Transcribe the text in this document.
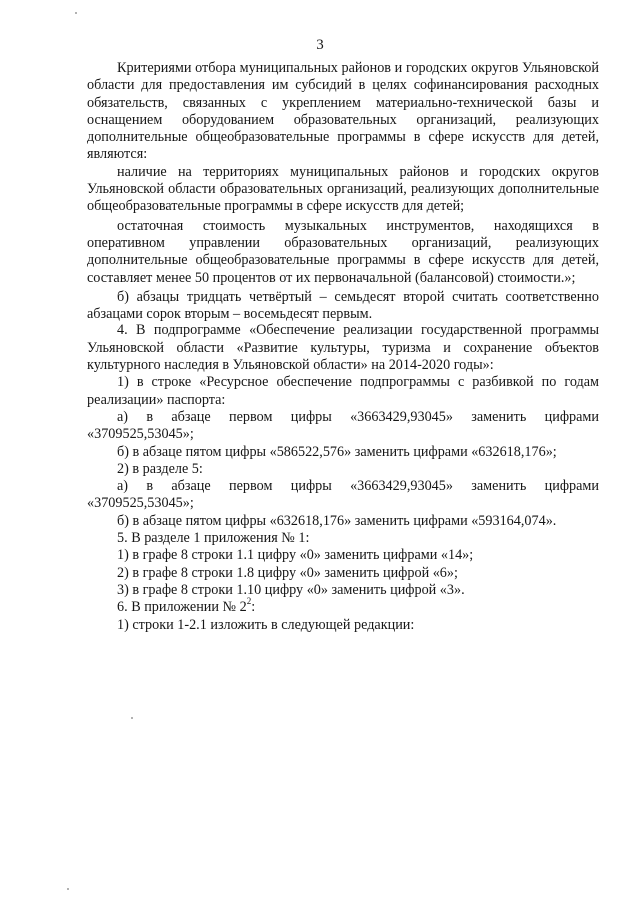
3

Критериями отбора муниципальных районов и городских округов Ульяновской области для предоставления им субсидий в целях софинансирования расходных обязательств, связанных с укреплением материально-технической базы и оснащением оборудованием образовательных организаций, реализующих дополнительные общеобразовательные программы в сфере искусств для детей, являются:

наличие на территориях муниципальных районов и городских округов Ульяновской области образовательных организаций, реализующих дополнительные общеобразовательные программы в сфере искусств для детей;

остаточная стоимость музыкальных инструментов, находящихся в оперативном управлении образовательных организаций, реализующих дополнительные общеобразовательные программы в сфере искусств для детей, составляет менее 50 процентов от их первоначальной (балансовой) стоимости.»;

б) абзацы тридцать четвёртый – семьдесят второй считать соответственно абзацами сорок вторым – восемьдесят первым.

4. В подпрограмме «Обеспечение реализации государственной программы Ульяновской области «Развитие культуры, туризма и сохранение объектов культурного наследия в Ульяновской области» на 2014-2020 годы»:

1) в строке «Ресурсное обеспечение подпрограммы с разбивкой по годам реализации» паспорта:

а) в абзаце первом цифры «3663429,93045» заменить цифрами «3709525,53045»;

б) в абзаце пятом цифры «586522,576» заменить цифрами «632618,176»;

2) в разделе 5:

а) в абзаце первом цифры «3663429,93045» заменить цифрами «3709525,53045»;

б) в абзаце пятом цифры «632618,176» заменить цифрами «593164,074».

5. В разделе 1 приложения № 1:

1) в графе 8 строки 1.1 цифру «0» заменить цифрами «14»;

2) в графе 8 строки 1.8 цифру «0» заменить цифрой «6»;

3) в графе 8 строки 1.10 цифру «0» заменить цифрой «3».

6. В приложении № $2^2$:

1) строки 1-2.1 изложить в следующей редакции:
